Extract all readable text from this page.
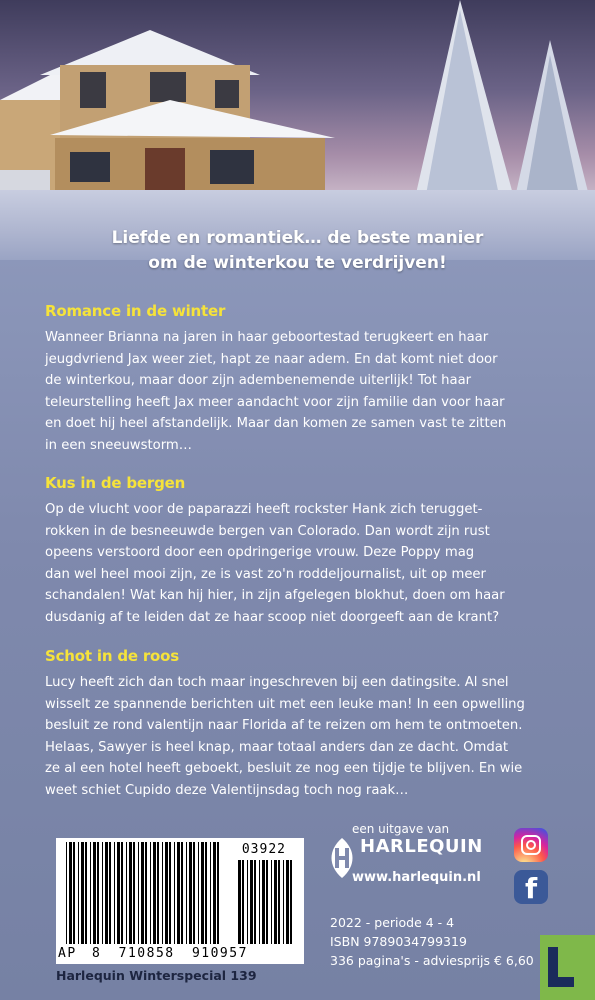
Liefde en romantiek… de beste manier
om de winterkou te verdrijven!
Romance in de winter
Wanneer Brianna na jaren in haar geboortestad terugkeert en haar
jeugdvriend Jax weer ziet, hapt ze naar adem. En dat komt niet door
de winterkou, maar door zijn adembenemende uiterlijk! Tot haar
teleurstelling heeft Jax meer aandacht voor zijn familie dan voor haar
en doet hij heel afstandelijk. Maar dan komen ze samen vast te zitten
in een sneeuwstorm…
Kus in de bergen
Op de vlucht voor de paparazzi heeft rockster Hank zich terugget-
rokken in de besneeuwde bergen van Colorado. Dan wordt zijn rust
opeens verstoord door een opdringerige vrouw. Deze Poppy mag
dan wel heel mooi zijn, ze is vast zo'n roddeljournalist, uit op meer
schandalen! Wat kan hij hier, in zijn afgelegen blokhut, doen om haar
dusdanig af te leiden dat ze haar scoop niet doorgeeft aan de krant?
Schot in de roos
Lucy heeft zich dan toch maar ingeschreven bij een datingsite. Al snel
wisselt ze spannende berichten uit met een leuke man! In een opwelling
besluit ze rond valentijn naar Florida af te reizen om hem te ontmoeten.
Helaas, Sawyer is heel knap, maar totaal anders dan ze dacht. Omdat
ze al een hotel heeft geboekt, besluit ze nog een tijdje te blijven. En wie
weet schiet Cupido deze Valentijnsdag toch nog raak…
03922
AP 8 710858 910957
Harlequin Winterspecial 139
een uitgave van
HARLEQUIN
www.harlequin.nl f
2022 - periode 4 - 4
ISBN 9789034799319
336 pagina's - adviesprijs € 6,60
